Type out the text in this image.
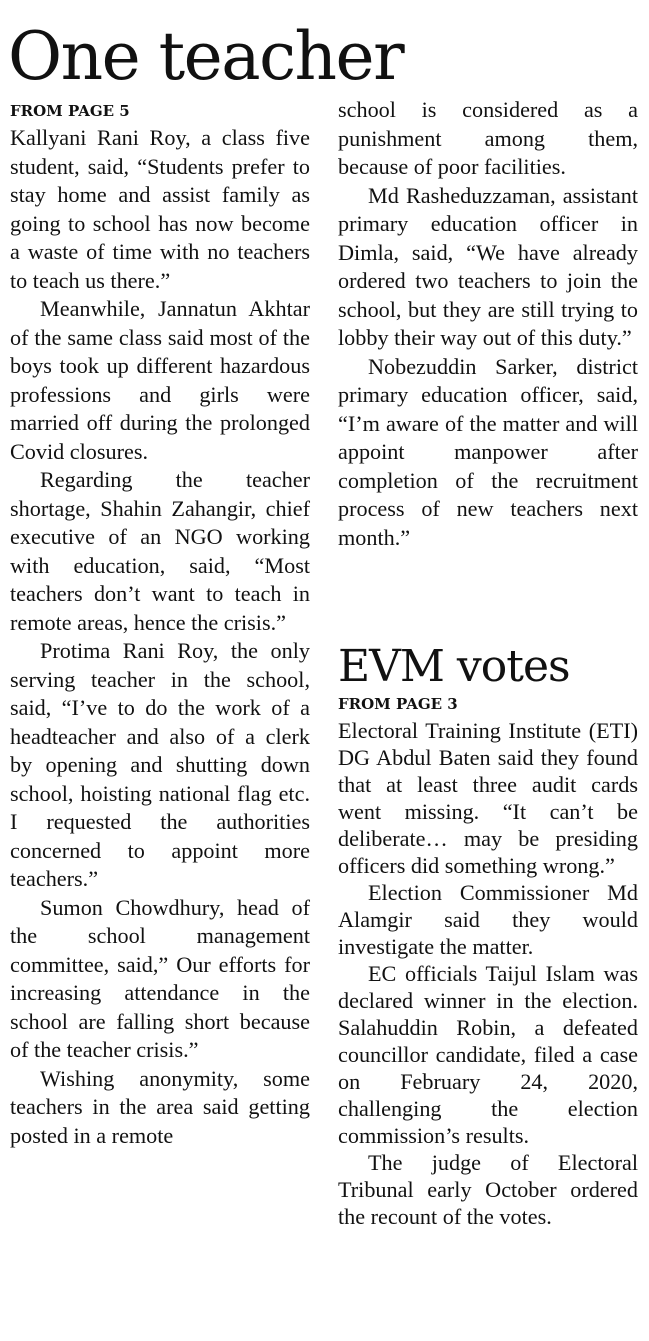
One teacher
FROM PAGE 5

Kallyani Rani Roy, a class five student, said, “Students prefer to stay home and assist family as going to school has now become a waste of time with no teachers to teach us there.”

Meanwhile, Jannatun Akhtar of the same class said most of the boys took up different hazardous professions and girls were married off during the prolonged Covid closures.

Regarding the teacher shortage, Shahin Zahangir, chief executive of an NGO working with education, said, “Most teachers don’t want to teach in remote areas, hence the crisis.”

Protima Rani Roy, the only serving teacher in the school, said, “I’ve to do the work of a headteacher and also of a clerk by opening and shutting down school, hoisting national flag etc. I requested the authorities concerned to appoint more teachers.”

Sumon Chowdhury, head of the school management committee, said,” Our efforts for increasing attendance in the school are falling short because of the teacher crisis.”

Wishing anonymity, some teachers in the area said getting posted in a remote

school is considered as a punishment among them, because of poor facilities.

Md Rasheduzzaman, assistant primary education officer in Dimla, said, “We have already ordered two teachers to join the school, but they are still trying to lobby their way out of this duty.”

Nobezuddin Sarker, district primary education officer, said, “I’m aware of the matter and will appoint manpower after completion of the recruitment process of new teachers next month.”

EVM votes
FROM PAGE 3

Electoral Training Institute (ETI) DG Abdul Baten said they found that at least three audit cards went missing. “It can’t be deliberate… may be presiding officers did something wrong.”

Election Commissioner Md Alamgir said they would investigate the matter.

EC officials Taijul Islam was declared winner in the election. Salahuddin Robin, a defeated councillor candidate, filed a case on February 24, 2020, challenging the election commission’s results.

The judge of Electoral Tribunal early October ordered the recount of the votes.
